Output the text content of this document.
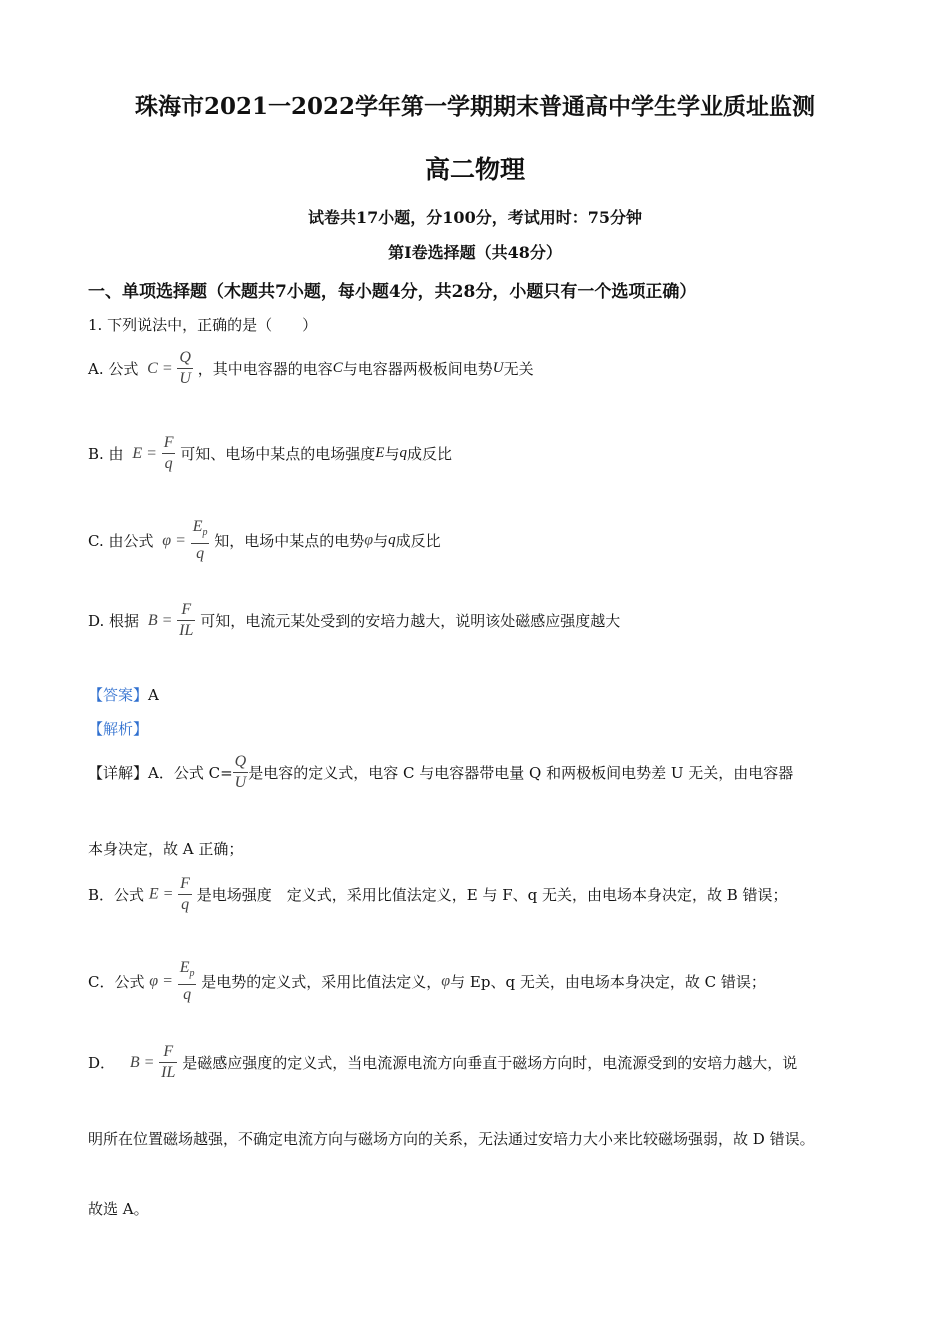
珠海市2021一2022学年第一学期期末普通高中学生学业质址监测
高二物理
试卷共17小题，分100分，考试用时：75分钟
第I卷选择题（共48分）
一、单项选择题（木题共7小题，每小题4分，共28分，小题只有一个选项正确）
1. 下列说法中，正确的是（　　）
A. 公式 $C = \frac{Q}{U}$ ，其中电容器的电容C与电容器两极板间电势U无关
B. 由 $E = \frac{F}{q}$ 可知、电场中某点的电场强度E与q成反比
C. 由公式 $\varphi = \frac{E_p}{q}$ 知，电场中某点的电势φ与q成反比
D. 根据 $B = \frac{F}{IL}$ 可知，电流元某处受到的安培力越大，说明该处磁感应强度越大
【答案】A
【解析】
【详解】A．公式 $C= \frac{Q}{U}$ 是电容的定义式，电容 C 与电容器带电量 Q 和两极板间电势差 U 无关，由电容器
本身决定，故 A 正确；
B．公式 $E = \frac{F}{q}$ 是电场强度　定义式，采用比值法定义，E 与 F、q 无关，由电场本身决定，故 B 错误；
C．公式 $\varphi = \frac{E_p}{q}$ 是电势的定义式，采用比值法定义，φ与 Ep、q 无关，由电场本身决定，故 C 错误；
D． $B = \frac{F}{IL}$ 是磁感应强度的定义式，当电流源电流方向垂直于磁场方向时，电流源受到的安培力越大，说
明所在位置磁场越强，不确定电流方向与磁场方向的关系，无法通过安培力大小来比较磁场强弱，故 D 错误。
故选 A。
